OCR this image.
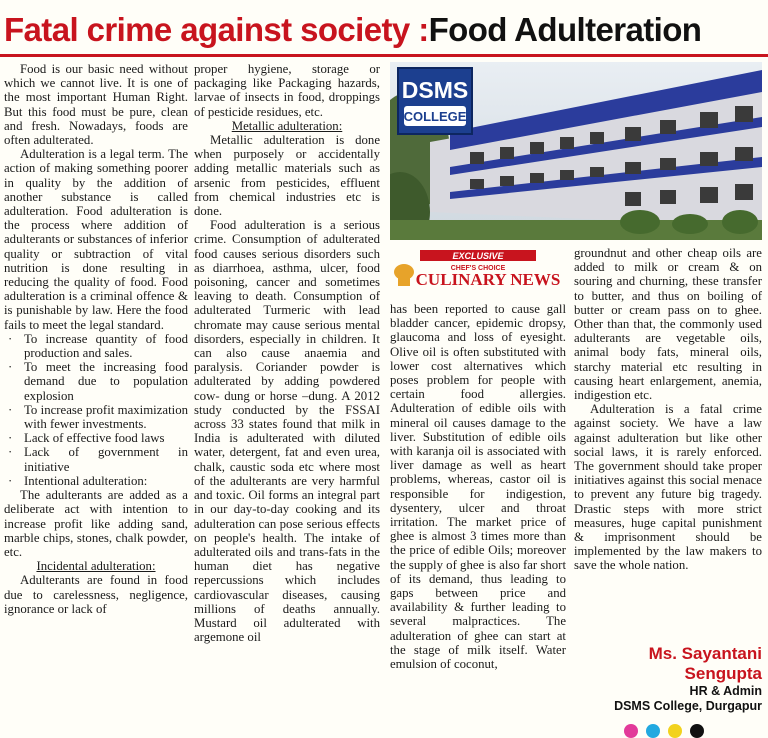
Fatal crime against society :Food Adulteration

Food is our basic need without which we cannot live. It is one of the most important Human Right. But this food must be pure, clean and fresh. Nowadays, foods are often adulterated.

Adulteration is a legal term. The action of making something poorer in quality by the addition of another substance is called adulteration. Food adulteration is the process where addition of adulterants or substances of inferior quality or subtraction of vital nutrition is done resulting in reducing the quality of food. Food adulteration is a criminal offence & is punishable by law. Here the food fails to meet the legal standard.

· To increase quantity of food production and sales.
· To meet the increasing food demand due to population explosion
· To increase profit maximization with fewer investments.
· Lack of effective food laws
· Lack of government in initiative
· Intentional adulteration:

The adulterants are added as a deliberate act with intention to increase profit like adding sand, marble chips, stones, chalk powder, etc.

Incidental adulteration:

Adulterants are found in food due to carelessness, negligence, ignorance or lack of

proper hygiene, storage or packaging like Packaging hazards, larvae of insects in food, droppings of pesticide residues, etc.

Metallic adulteration:

Metallic adulteration is done when purposely or accidentally adding metallic materials such as arsenic from pesticides, effluent from chemical industries etc is done.

Food adulteration is a serious crime. Consumption of adulterated food causes serious disorders such as diarrhoea, asthma, ulcer, food poisoning, cancer and sometimes leaving to death. Consumption of adulterated Turmeric with lead chromate may cause serious mental disorders, especially in children. It can also cause anaemia and paralysis. Coriander powder is adulterated by adding powdered cow- dung or horse –dung. A 2012 study conducted by the FSSAI across 33 states found that milk in India is adulterated with diluted water, detergent, fat and even urea, chalk, caustic soda etc where most of the adulterants are very harmful and toxic. Oil forms an integral part in our day-to-day cooking and its adulteration can pose serious effects on people's health. The intake of adulterated oils and trans-fats in the human diet has negative repercussions which includes cardiovascular diseases, causing millions of deaths annually. Mustard oil adulterated with argemone oil

DSMS
COLLEGE
EXCLUSIVE
CHEF'S CHOICE
CULINARY NEWS

has been reported to cause gall bladder cancer, epidemic dropsy, glaucoma and loss of eyesight. Olive oil is often substituted with lower cost alternatives which poses problem for people with certain food allergies. Adulteration of edible oils with mineral oil causes damage to the liver. Substitution of edible oils with karanja oil is associated with liver damage as well as heart problems, whereas, castor oil is responsible for indigestion, dysentery, ulcer and throat irritation. The market price of ghee is almost 3 times more than the price of edible Oils; moreover the supply of ghee is also far short of its demand, thus leading to gaps between price and availability & further leading to several malpractices. The adulteration of ghee can start at the stage of milk itself. Water emulsion of coconut,

groundnut and other cheap oils are added to milk or cream & on souring and churning, these transfer to butter, and thus on boiling of butter or cream pass on to ghee. Other than that, the commonly used adulterants are vegetable oils, animal body fats, mineral oils, starchy material etc resulting in causing heart enlargement, anemia, indigestion etc.

Adulteration is a fatal crime against society. We have a law against adulteration but like other social laws, it is rarely enforced. The government should take proper initiatives against this social menace to prevent any future big tragedy. Drastic steps with more strict measures, huge capital punishment & imprisonment should be implemented by the law makers to save the whole nation.

Ms. Sayantani
Sengupta
HR & Admin
DSMS College, Durgapur
